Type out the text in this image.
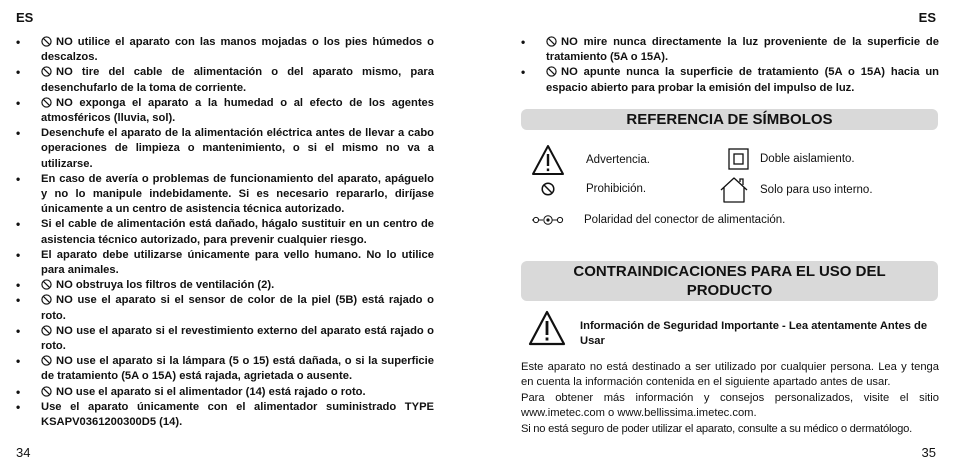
ES	ES
• NO utilice el aparato con las manos mojadas o los pies húmedos o descalzos.
• NO tire del cable de alimentación o del aparato mismo, para desenchufarlo de la toma de corriente.
• NO exponga el aparato a la humedad o al efecto de los agentes atmosféricos (lluvia, sol).
• Desenchufe el aparato de la alimentación eléctrica antes de llevar a cabo operaciones de limpieza o mantenimiento, o si el mismo no va a utilizarse.
• En caso de avería o problemas de funcionamiento del aparato, apáguelo y no lo manipule indebidamente. Si es necesario repararlo, diríjase únicamente a un centro de asistencia técnica autorizado.
• Si el cable de alimentación está dañado, hágalo sustituir en un centro de asistencia técnico autorizado, para prevenir cualquier riesgo.
• El aparato debe utilizarse únicamente para vello humano. No lo utilice para animales.
• NO obstruya los filtros de ventilación (2).
• NO use el aparato si el sensor de color de la piel (5B) está rajado o roto.
• NO use el aparato si el revestimiento externo del aparato está rajado o roto.
• NO use el aparato si la lámpara (5 o 15) está dañada, o si la superficie de tratamiento (5A o 15A) está rajada, agrietada o ausente.
• NO use el aparato si el alimentador (14) está rajado o roto.
• Use el aparato únicamente con el alimentador suministrado TYPE KSAPV0361200300D5 (14).
34
• NO mire nunca directamente la luz proveniente de la superficie de tratamiento (5A o 15A).
• NO apunte nunca la superficie de tratamiento (5A o 15A) hacia un espacio abierto para probar la emisión del impulso de luz.
REFERENCIA DE SÍMBOLOS
Advertencia.	Doble aislamiento.
Prohibición.	Solo para uso interno.
Polaridad del conector de alimentación.
CONTRAINDICACIONES PARA EL USO DEL
PRODUCTO
Información de Seguridad Importante - Lea atentamente Antes de Usar
Este aparato no está destinado a ser utilizado por cualquier persona. Lea y tenga en cuenta la información contenida en el siguiente apartado antes de usar.
Para obtener más información y consejos personalizados, visite el sitio www.imetec.com o www.bellissima.imetec.com.
Si no está seguro de poder utilizar el aparato, consulte a su médico o dermatólogo.
35
